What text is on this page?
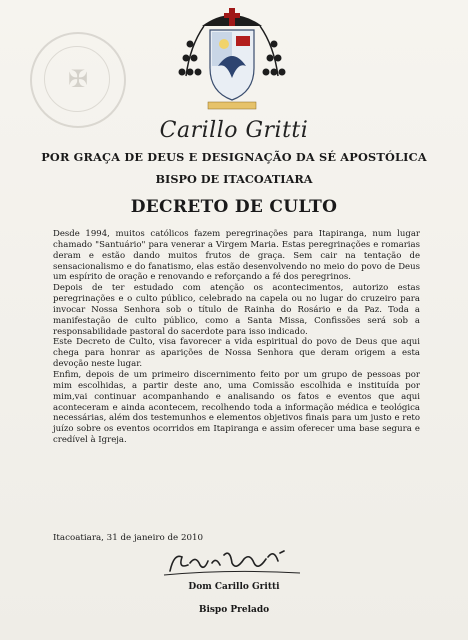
✠
Carillo Gritti
POR GRAÇA DE DEUS E DESIGNAÇÃO DA SÉ APOSTÓLICA
BISPO DE ITACOATIARA
DECRETO DE CULTO

Desde 1994, muitos católicos fazem peregrinações para Itapiranga, num lugar chamado "Santuário" para venerar a Virgem Maria. Estas peregrinações e romarias deram e estão dando muitos frutos de graça. Sem cair na tentação de sensacionalismo e do fanatismo, elas estão desenvolvendo no meio do povo de Deus um espírito de oração e renovando e reforçando a fé dos peregrinos.

Depois de ter estudado com atenção os acontecimentos, autorizo estas peregrinações e o culto público, celebrado na capela ou no lugar do cruzeiro para invocar Nossa Senhora sob o título de Rainha do Rosário e da Paz. Toda a manifestação de culto público, como a Santa Missa, Confissões será sob a responsabilidade pastoral do sacerdote para isso indicado.

Este Decreto de Culto, visa favorecer a vida espiritual do povo de Deus que aqui chega para honrar as aparições de Nossa Senhora que deram origem a esta devoção neste lugar.

Enfim, depois de um primeiro discernimento feito por um grupo de pessoas por mim escolhidas, a partir deste ano, uma Comissão escolhida e instituída por mim,vai continuar acompanhando e analisando os fatos e eventos que aqui aconteceram e ainda acontecem, recolhendo toda a informação médica e teológica necessárias, além dos testemunhos e elementos objetivos finais para um justo e reto juízo sobre os eventos ocorridos em Itapiranga e assim oferecer uma base segura e credível à Igreja.

Itacoatiara, 31 de janeiro de 2010
Dom Carillo Gritti
Bispo Prelado
